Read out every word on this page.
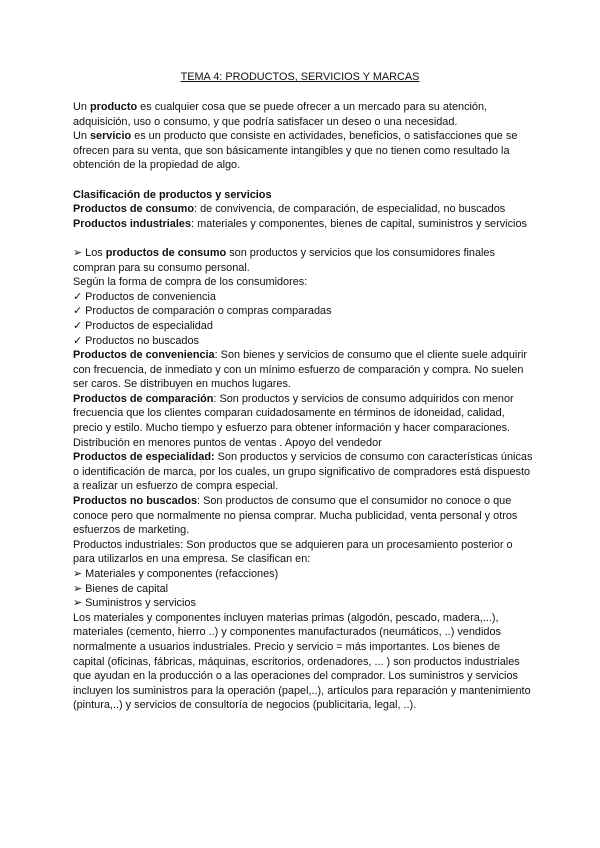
TEMA 4: PRODUCTOS, SERVICIOS Y MARCAS

Un producto es cualquier cosa que se puede ofrecer a un mercado para su atención, adquisición, uso o consumo, y que podría satisfacer un deseo o una necesidad.

Un servicio es un producto que consiste en actividades, beneficios, o satisfacciones que se ofrecen para su venta, que son básicamente intangibles y que no tienen como resultado la obtención de la propiedad de algo.

Clasificación de productos y servicios

Productos de consumo: de convivencia, de comparación, de especialidad, no buscados

Productos industriales: materiales y componentes, bienes de capital, suministros y servicios

➢ Los productos de consumo son productos y servicios que los consumidores finales compran para su consumo personal.

Según la forma de compra de los consumidores:

✓ Productos de conveniencia

✓ Productos de comparación o compras comparadas

✓ Productos de especialidad

✓ Productos no buscados

Productos de conveniencia: Son bienes y servicios de consumo que el cliente suele adquirir con frecuencia, de inmediato y con un mínimo esfuerzo de comparación y compra. No suelen ser caros. Se distribuyen en muchos lugares.

Productos de comparación: Son productos y servicios de consumo adquiridos con menor frecuencia que los clientes comparan cuidadosamente en términos de idoneidad, calidad, precio y estilo. Mucho tiempo y esfuerzo para obtener información y hacer comparaciones. Distribución en menores puntos de ventas . Apoyo del vendedor

Productos de especialidad: Son productos y servicios de consumo con características únicas o identificación de marca, por los cuales, un grupo significativo de compradores está dispuesto a realizar un esfuerzo de compra especial.

Productos no buscados: Son productos de consumo que el consumidor no conoce o que conoce pero que normalmente no piensa comprar. Mucha publicidad, venta personal y otros esfuerzos de marketing.

Productos industriales: Son productos que se adquieren para un procesamiento posterior o para utilizarlos en una empresa. Se clasifican en:

➢ Materiales y componentes (refacciones)

➢ Bienes de capital

➢ Suministros y servicios

Los materiales y componentes incluyen materias primas (algodón, pescado, madera,...), materiales (cemento, hierro ..) y componentes manufacturados (neumáticos, ..) vendidos normalmente a usuarios industriales. Precio y servicio = más importantes. Los bienes de capital (oficinas, fábricas, máquinas, escritorios, ordenadores, ... ) son productos industriales que ayudan en la producción o a las operaciones del comprador. Los suministros y servicios incluyen los suministros para la operación (papel,..), artículos para reparación y mantenimiento (pintura,..) y servicios de consultoría de negocios (publicitaria, legal, ..).
